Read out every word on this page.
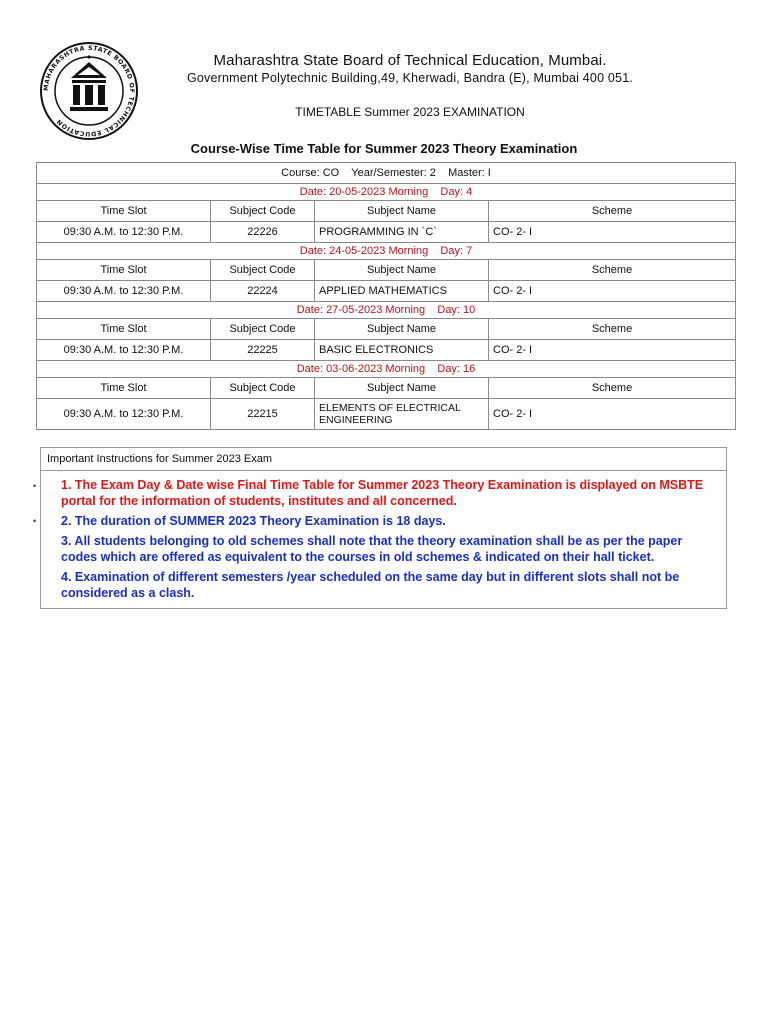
MAHARASHTRA STATE BOARD OF TECHNICAL EDUCATION
Maharashtra State Board of Technical Education, Mumbai.
Government Polytechnic Building,49, Kherwadi, Bandra (E), Mumbai 400 051.
TIMETABLE Summer 2023 EXAMINATION
Course-Wise Time Table for Summer 2023 Theory Examination
Course: CO    Year/Semester: 2    Master: I			
Date: 20-05-2023 Morning    Day: 4			
Time Slot	Subject Code	Subject Name	Scheme
09:30 A.M. to 12:30 P.M.	22226	PROGRAMMING IN `C`	CO- 2- I
Date: 24-05-2023 Morning    Day: 7			
Time Slot	Subject Code	Subject Name	Scheme
09:30 A.M. to 12:30 P.M.	22224	APPLIED MATHEMATICS	CO- 2- I
Date: 27-05-2023 Morning    Day: 10			
Time Slot	Subject Code	Subject Name	Scheme
09:30 A.M. to 12:30 P.M.	22225	BASIC ELECTRONICS	CO- 2- I
Date: 03-06-2023 Morning    Day: 16			
Time Slot	Subject Code	Subject Name	Scheme
09:30 A.M. to 12:30 P.M.	22215	ELEMENTS OF ELECTRICAL ENGINEERING	CO- 2- I
•
•
Important Instructions for Summer 2023 Exam
1. The Exam Day & Date wise Final Time Table for Summer 2023 Theory Examination is displayed on MSBTE portal for the information of students, institutes and all concerned.
2. The duration of SUMMER 2023 Theory Examination is 18 days.
3. All students belonging to old schemes shall note that the theory examination shall be as per the paper codes which are offered as equivalent to the courses in old schemes & indicated on their hall ticket.
4. Examination of different semesters /year scheduled on the same day but in different slots shall not be considered as a clash.
